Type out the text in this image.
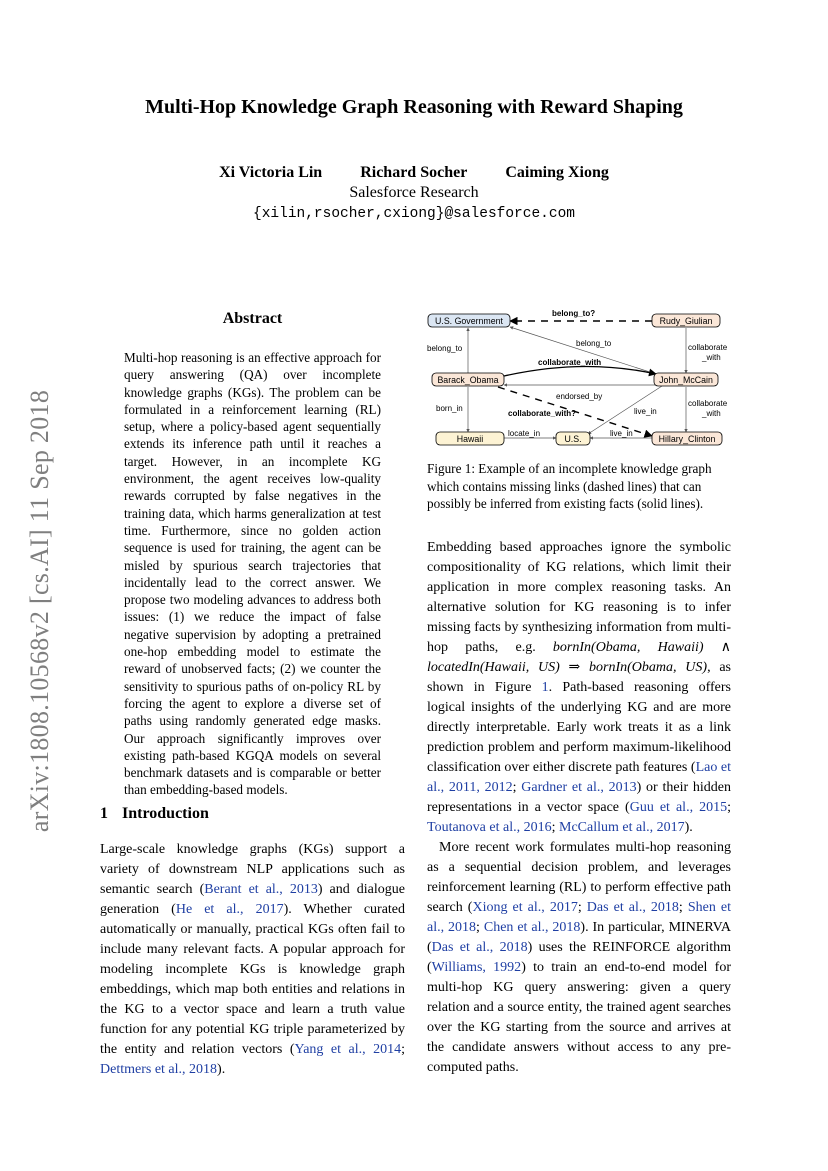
arXiv:1808.10568v2 [cs.AI] 11 Sep 2018
Multi-Hop Knowledge Graph Reasoning with Reward Shaping
Xi Victoria Lin Richard Socher Caiming Xiong
Salesforce Research
{xilin,rsocher,cxiong}@salesforce.com
Abstract
Multi-hop reasoning is an effective approach for query answering (QA) over incomplete knowledge graphs (KGs). The problem can be formulated in a reinforcement learning (RL) setup, where a policy-based agent sequentially extends its inference path until it reaches a target. However, in an incomplete KG environment, the agent receives low-quality rewards corrupted by false negatives in the training data, which harms generalization at test time. Furthermore, since no golden action sequence is used for training, the agent can be misled by spurious search trajectories that incidentally lead to the correct answer. We propose two modeling advances to address both issues: (1) we reduce the impact of false negative supervision by adopting a pretrained one-hop embedding model to estimate the reward of unobserved facts; (2) we counter the sensitivity to spurious paths of on-policy RL by forcing the agent to explore a diverse set of paths using randomly generated edge masks. Our approach significantly improves over existing path-based KGQA models on several benchmark datasets and is comparable or better than embedding-based models.
belong_to?
belong_to
belong_to
collaborate_with
collaborate
_with
endorsed_by
collaborate_with?	live_in
collaborate
_with
born_in
locate_in	live_in
U.S. Government	Rudy_Giulian
Barack_Obama	John_McCain
Hawaii	U.S.	Hillary_Clinton
Figure 1: Example of an incomplete knowledge graph which contains missing links (dashed lines) that can possibly be inferred from existing facts (solid lines).
1 Introduction

Large-scale knowledge graphs (KGs) support a variety of downstream NLP applications such as semantic search (Berant et al., 2013) and dialogue generation (He et al., 2017). Whether curated automatically or manually, practical KGs often fail to include many relevant facts. A popular approach for modeling incomplete KGs is knowledge graph embeddings, which map both entities and relations in the KG to a vector space and learn a truth value function for any potential KG triple parameterized by the entity and relation vectors (Yang et al., 2014; Dettmers et al., 2018).

Embedding based approaches ignore the symbolic compositionality of KG relations, which limit their application in more complex reasoning tasks. An alternative solution for KG reasoning is to infer missing facts by synthesizing information from multi-hop paths, e.g. bornIn(Obama, Hawaii) ∧ locatedIn(Hawaii, US) ⇒ bornIn(Obama, US), as shown in Figure 1. Path-based reasoning offers logical insights of the underlying KG and are more directly interpretable. Early work treats it as a link prediction problem and perform maximum-likelihood classification over either discrete path features (Lao et al., 2011, 2012; Gardner et al., 2013) or their hidden representations in a vector space (Guu et al., 2015; Toutanova et al., 2016; McCallum et al., 2017).

More recent work formulates multi-hop reasoning as a sequential decision problem, and leverages reinforcement learning (RL) to perform effective path search (Xiong et al., 2017; Das et al., 2018; Shen et al., 2018; Chen et al., 2018). In particular, MINERVA (Das et al., 2018) uses the REINFORCE algorithm (Williams, 1992) to train an end-to-end model for multi-hop KG query answering: given a query relation and a source entity, the trained agent searches over the KG starting from the source and arrives at the candidate answers without access to any pre-computed paths.
